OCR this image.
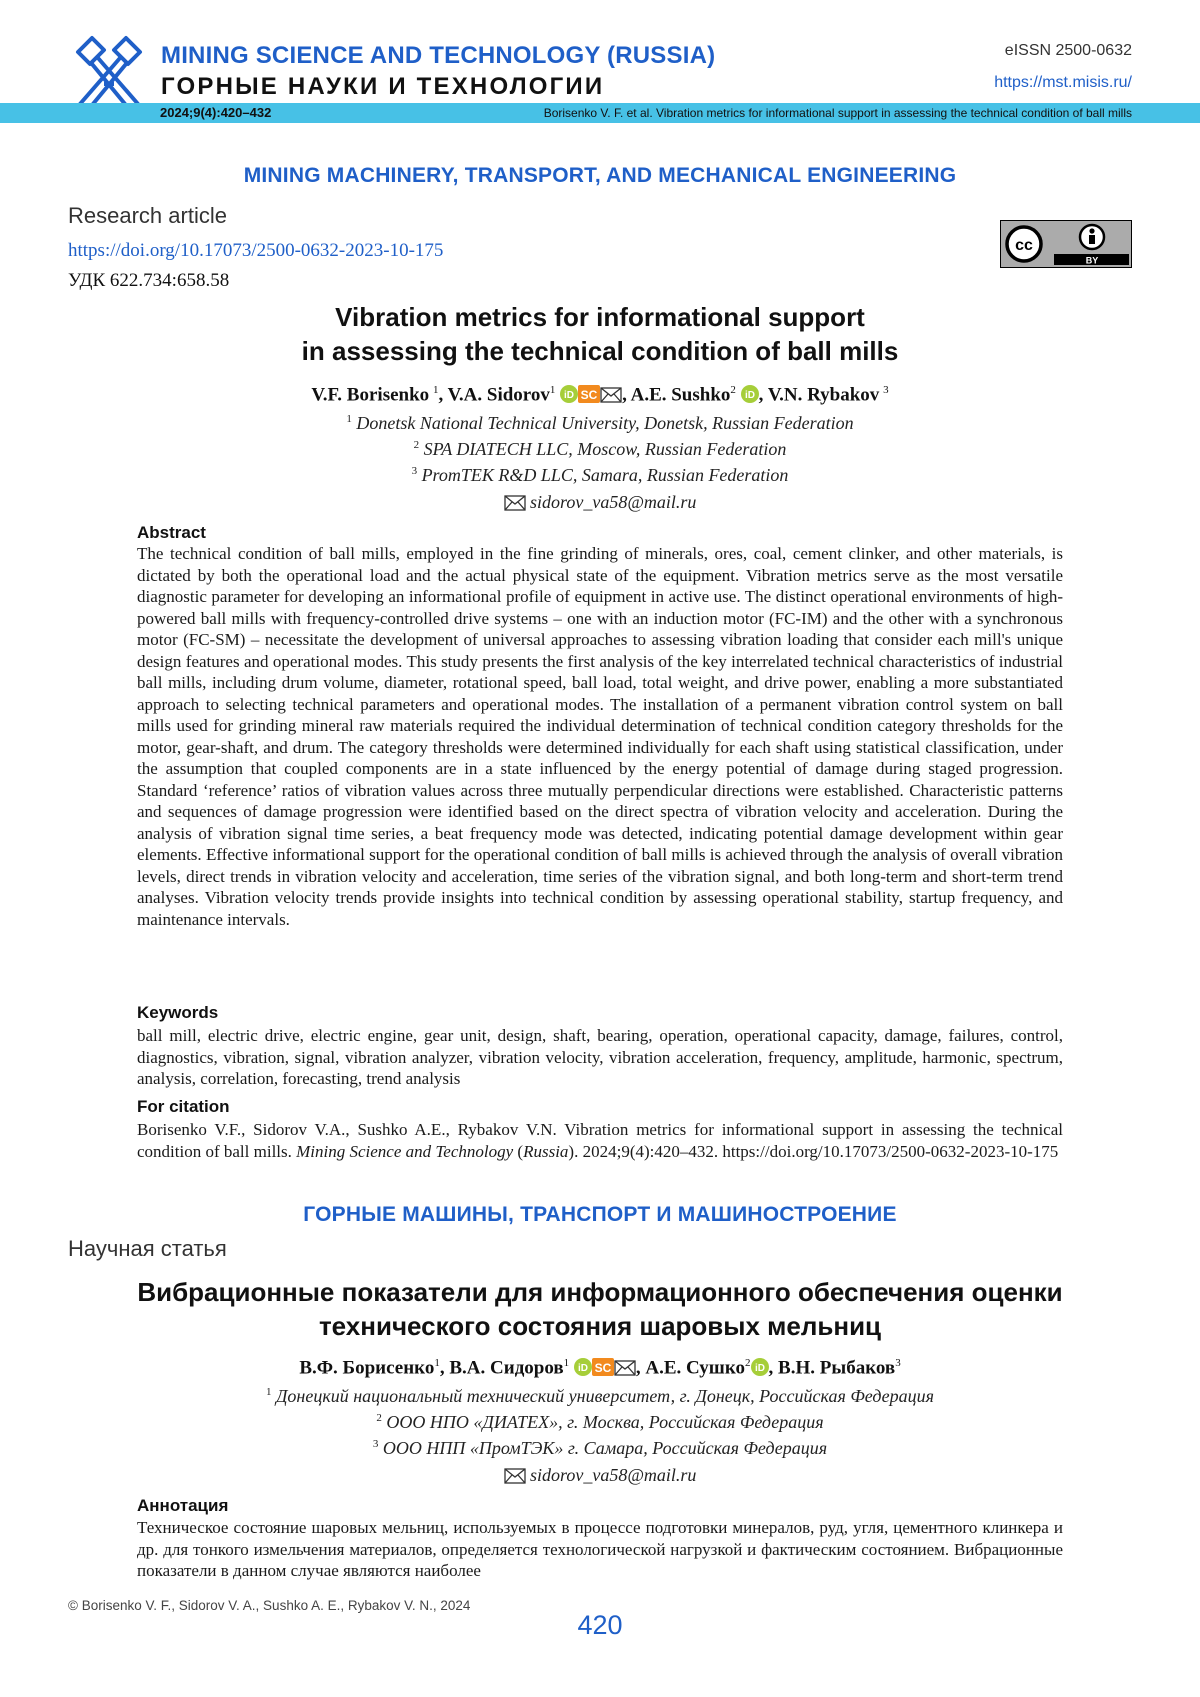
MINING SCIENCE AND TECHNOLOGY (RUSSIA)
ГОРНЫЕ НАУКИ И ТЕХНОЛОГИИ
eISSN 2500-0632
https://mst.misis.ru/
2024;9(4):420–432	Borisenko V. F. et al. Vibration metrics for informational support in assessing the technical condition of ball mills
MINING MACHINERY, TRANSPORT, AND MECHANICAL ENGINEERING
Research article
https://doi.org/10.17073/2500-0632-2023-10-175
УДК 622.734:658.58
cc
BY
Vibration metrics for informational support
in assessing the technical condition of ball mills
V.F. Borisenko  1, V.A. Sidorov1 iD SC , A.E. Sushko2 iD , V.N. Rybakov  3
1 Donetsk National Technical University, Donetsk, Russian Federation
2 SPA DIATECH LLC, Moscow, Russian Federation
3 PromTEK R&D LLC, Samara, Russian Federation
sidorov_va58@mail.ru
Abstract
The technical condition of ball mills, employed in the fine grinding of minerals, ores, coal, cement clinker, and other materials, is dictated by both the operational load and the actual physical state of the equipment. Vibration metrics serve as the most versatile diagnostic parameter for developing an informational profile of equipment in active use. The distinct operational environments of high-powered ball mills with frequency-controlled drive systems – one with an induction motor (FC-IM) and the other with a synchronous motor (FC-SM) – necessitate the development of universal approaches to assessing vibration loading that consider each mill's unique design features and operational modes. This study presents the first analysis of the key interrelated technical characteristics of industrial ball mills, including drum volume, diameter, rotational speed, ball load, total weight, and drive power, enabling a more substantiated approach to selecting technical parameters and operational modes. The installation of a permanent vibration control system on ball mills used for grinding mineral raw materials required the individual determination of technical condition category thresholds for the motor, gear-shaft, and drum. The category thresholds were determined individually for each shaft using statistical classification, under the assumption that coupled components are in a state influenced by the energy potential of damage during staged progression. Standard ‘reference’ ratios of vibration values across three mutually perpendicular directions were established. Characteristic patterns and sequences of damage progression were identified based on the direct spectra of vibration velocity and acceleration. During the analysis of vibration signal time series, a beat frequency mode was detected, indicating potential damage development within gear elements. Effective informational support for the operational condition of ball mills is achieved through the analysis of overall vibration levels, direct trends in vibration velocity and acceleration, time series of the vibration signal, and both long-term and short-term trend analyses. Vibration velocity trends provide insights into technical condition by assessing operational stability, startup frequency, and maintenance intervals.
Keywords
ball mill, electric drive, electric engine, gear unit, design, shaft, bearing, operation, operational capacity, damage, failures, control, diagnostics, vibration, signal, vibration analyzer, vibration velocity, vibration acceleration, frequency, amplitude, harmonic, spectrum, analysis, correlation, forecasting, trend analysis
For citation
Borisenko V.F., Sidorov V.A., Sushko A.E., Rybakov V.N. Vibration metrics for informational support in assessing the technical condition of ball mills. Mining Science and Technology (Russia). 2024;9(4):420–432. https://doi.org/10.17073/2500-0632-2023-10-175
ГОРНЫЕ МАШИНЫ, ТРАНСПОРТ И МАШИНОСТРОЕНИЕ
Научная статья
Вибрационные показатели для информационного обеспечения оценки
технического состояния шаровых мельниц
В.Ф. Борисенко1, В.А. Сидоров1 iD SC , А.Е. Сушко2 iD , В.Н. Рыбаков3
1 Донецкий национальный технический университет, г. Донецк, Российская Федерация
2 ООО НПО «ДИАТЕХ», г. Москва, Российская Федерация
3 ООО НПП «ПромТЭК» г. Самара, Российская Федерация
sidorov_va58@mail.ru
Аннотация
Техническое состояние шаровых мельниц, используемых в процессе подготовки минералов, руд, угля, цементного клинкера и др. для тонкого измельчения материалов, определяется технологической нагрузкой и фактическим состоянием. Вибрационные показатели в данном случае являются наиболее
© Borisenko V. F., Sidorov V. A., Sushko A. E., Rybakov V. N., 2024
420
